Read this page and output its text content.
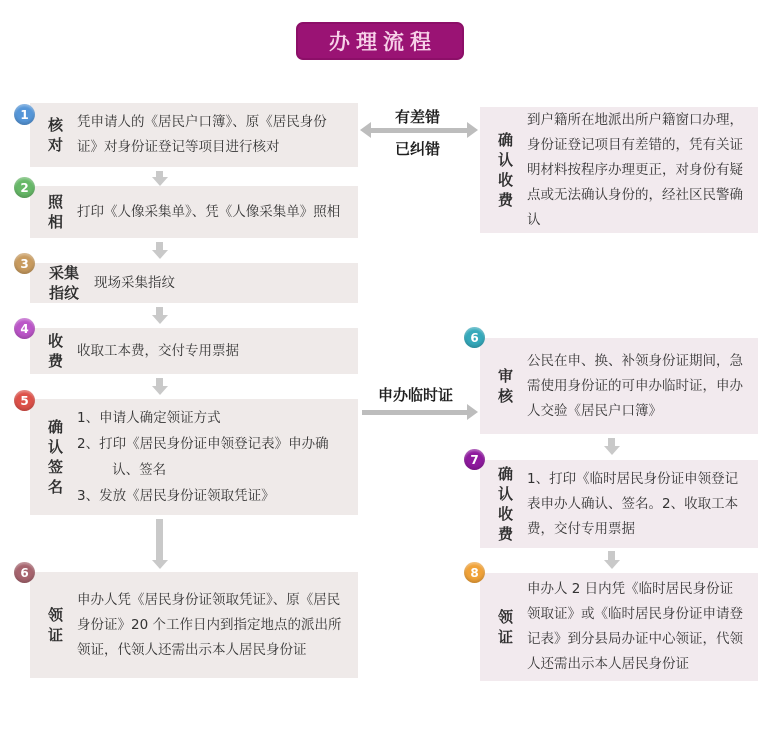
办理流程
核对
凭申请人的《居民户口簿》、原《居民身份证》对身份证登记等项目进行核对
1
照相
打印《人像采集单》、凭《人像采集单》照相
2
采集指纹
现场采集指纹
3
收费
收取工本费，交付专用票据
4
确认签名
1、申请人确定领证方式
2、打印《居民身份证申领登记表》申办确认、签名
3、发放《居民身份证领取凭证》
5
领证
申办人凭《居民身份证领取凭证》、原《居民身份证》20 个工作日内到指定地点的派出所领证，代领人还需出示本人居民身份证
6
有差错
已纠错
申办临时证
确认收费
到户籍所在地派出所户籍窗口办理，身份证登记项目有差错的，凭有关证明材料按程序办理更正，对身份有疑点或无法确认身份的，经社区民警确认
审核
公民在申、换、补领身份证期间，急需使用身份证的可申办临时证，申办人交验《居民户口簿》
6
确认收费
1、打印《临时居民身份证申领登记表申办人确认、签名。2、收取工本费，交付专用票据
7
领证
申办人 2 日内凭《临时居民身份证领取证》或《临时居民身份证申请登记表》到分县局办证中心领证，代领人还需出示本人居民身份证
8
